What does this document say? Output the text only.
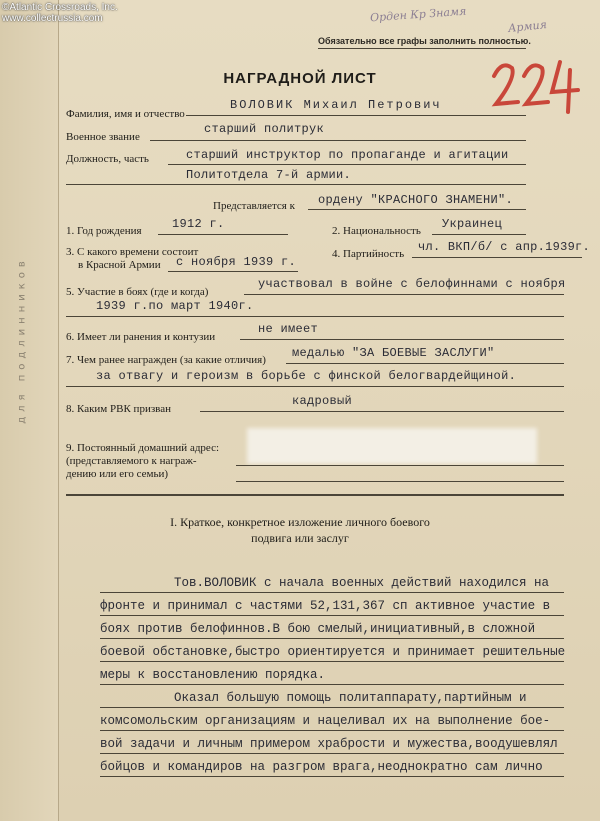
для подлинников
©Atlantic Crossroads, Inc.
www.collectrussia.com	Орден Кр Знамя
Армия
Обязательно все графы заполнить полностью.
НАГРАДНОЙ ЛИСТ
Фамилия, имя и отчество
ВОЛОВИК Михаил Петрович
Военное звание
старший политрук
Должность, часть	старший инструктор по пропаганде и агитации
Политотдела 7-й армии.
Представляется к ордену "КРАСНОГО ЗНАМЕНИ".
1. Год рождения	1912 г.	2. Национальность Украинец
3. С какого времени состоит
в Красной Армии с ноября 1939 г.
4. Партийность чл. ВКП/б/ с апр.1939г.
5. Участие в боях (где и когда)
участвовал в войне с белофиннами с ноября
1939 г.по март 1940г.
6. Имеет ли ранения и контузии
не имеет
7. Чем ранее награжден (за какие отличия) медалью "ЗА БОЕВЫЕ ЗАСЛУГИ"
за отвагу и героизм в борьбе с финской белогвардейщиной.
8. Каким РВК призван
кадровый
9. Постоянный домашний адрес:
(представляемого к награж-
дению или его семьи)
I. Краткое, конкретное изложение личного боевого
подвига или заслуг
Тов.ВОЛОВИК с начала военных действий находился на
фронте и принимал с частями 52,131,367 сп активное участие в
боях против белофиннов.В бою смелый,инициативный,в сложной
боевой обстановке,быстро ориентируется и принимает решительные
меры к восстановлению порядка.
Оказал большую помощь политаппарату,партийным и
комсомольским организациям и нацеливал их на выполнение бое-
вой задачи и личным примером храбрости и мужества,воодушевлял
бойцов и командиров на разгром врага,неоднократно сам лично
